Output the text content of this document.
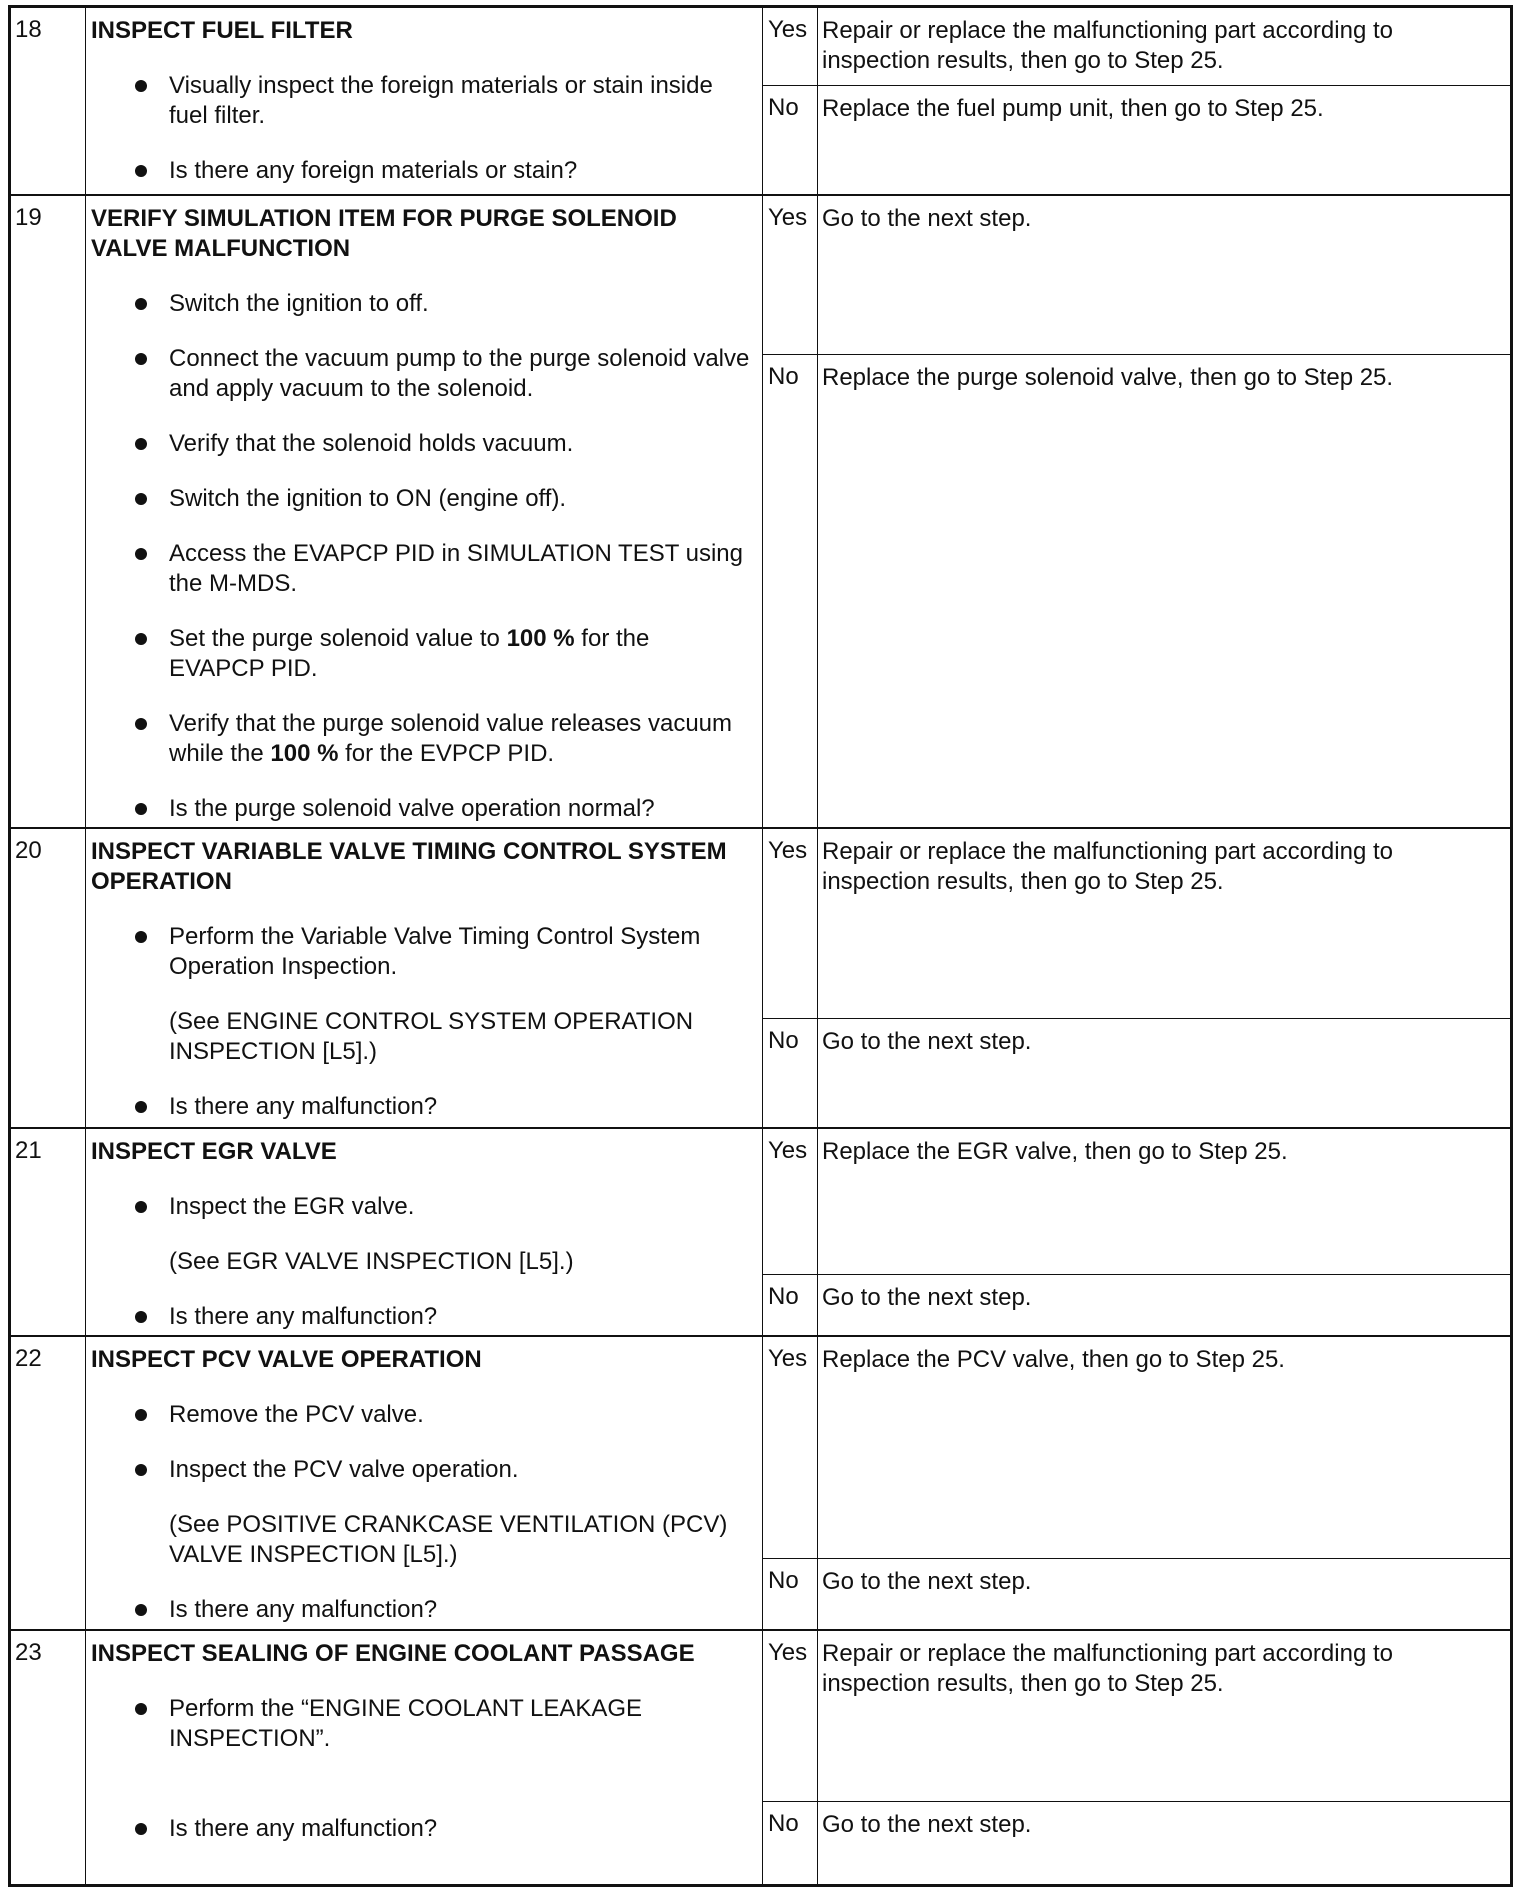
18 INSPECT FUEL FILTER
Visually inspect the foreign materials or stain inside fuel filter.
Is there any foreign materials or stain?
Yes Repair or replace the malfunctioning part according to inspection results, then go to Step 25.
No Replace the fuel pump unit, then go to Step 25.
19 VERIFY SIMULATION ITEM FOR PURGE SOLENOID VALVE MALFUNCTION
Switch the ignition to off.
Connect the vacuum pump to the purge solenoid valve and apply vacuum to the solenoid.
Verify that the solenoid holds vacuum.
Switch the ignition to ON (engine off).
Access the EVAPCP PID in SIMULATION TEST using the M-MDS.
Set the purge solenoid value to 100 % for the EVAPCP PID.
Verify that the purge solenoid value releases vacuum while the 100 % for the EVPCP PID.
Is the purge solenoid valve operation normal?
Yes Go to the next step.
No Replace the purge solenoid valve, then go to Step 25.
20 INSPECT VARIABLE VALVE TIMING CONTROL SYSTEM OPERATION
Perform the Variable Valve Timing Control System Operation Inspection.
(See ENGINE CONTROL SYSTEM OPERATION INSPECTION [L5].)
Is there any malfunction?
Yes Repair or replace the malfunctioning part according to inspection results, then go to Step 25.
No Go to the next step.
21 INSPECT EGR VALVE
Inspect the EGR valve.
(See EGR VALVE INSPECTION [L5].)
Is there any malfunction?
Yes Replace the EGR valve, then go to Step 25.
No Go to the next step.
22 INSPECT PCV VALVE OPERATION
Remove the PCV valve.
Inspect the PCV valve operation.
(See POSITIVE CRANKCASE VENTILATION (PCV) VALVE INSPECTION [L5].)
Is there any malfunction?
Yes Replace the PCV valve, then go to Step 25.
No Go to the next step.
23 INSPECT SEALING OF ENGINE COOLANT PASSAGE
Perform the “ENGINE COOLANT LEAKAGE INSPECTION”.
Is there any malfunction?
Yes Repair or replace the malfunctioning part according to inspection results, then go to Step 25.
No Go to the next step.
